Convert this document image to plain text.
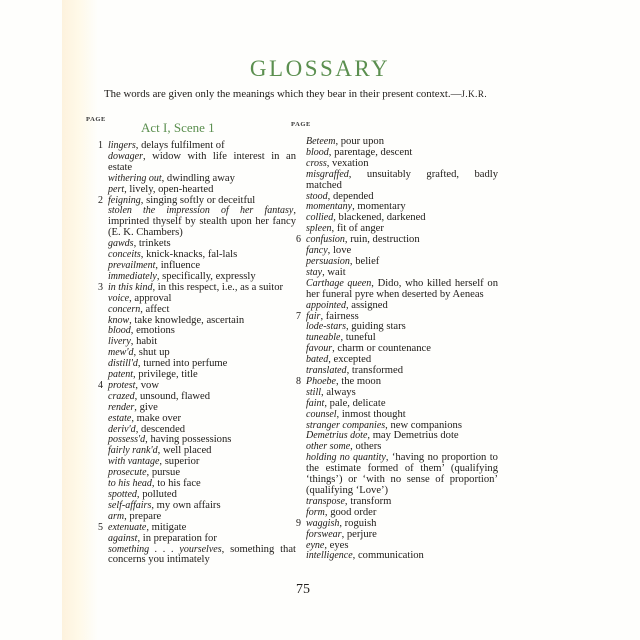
GLOSSARY
The words are given only the meanings which they bear in their present context.—J.K.R.
PAGE
PAGE
Act I, Scene 1
1 lingers, delays fulfilment of
dowager, widow with life interest in an estate
withering out, dwindling away
pert, lively, open-hearted
2 feigning, singing softly or deceitful
stolen the impression of her fantasy, imprinted thyself by stealth upon her fancy (E. K. Chambers)
gawds, trinkets
conceits, knick-knacks, fal-lals
prevailment, influence
immediately, specifically, expressly
3 in this kind, in this respect, i.e., as a suitor
voice, approval
concern, affect
know, take knowledge, ascertain
blood, emotions
livery, habit
mew'd, shut up
distill'd, turned into perfume
patent, privilege, title
4 protest, vow
crazed, unsound, flawed
render, give
estate, make over
deriv'd, descended
possess'd, having possessions
fairly rank'd, well placed
with vantage, superior
prosecute, pursue
to his head, to his face
spotted, polluted
self-affairs, my own affairs
arm, prepare
5 extenuate, mitigate
against, in preparation for
something . . . yourselves, something that concerns you intimately
Beteem, pour upon
blood, parentage, descent
cross, vexation
misgraffed, unsuitably grafted, badly matched
stood, depended
momentany, momentary
collied, blackened, darkened
spleen, fit of anger
6 confusion, ruin, destruction
fancy, love
persuasion, belief
stay, wait
Carthage queen, Dido, who killed herself on her funeral pyre when deserted by Aeneas
appointed, assigned
7 fair, fairness
lode-stars, guiding stars
tuneable, tuneful
favour, charm or countenance
bated, excepted
translated, transformed
8 Phoebe, the moon
still, always
faint, pale, delicate
counsel, inmost thought
stranger companies, new companions
Demetrius dote, may Demetrius dote
other some, others
holding no quantity, ‘having no proportion to the estimate formed of them’ (qualifying ‘things’) or ‘with no sense of proportion’ (qualifying ‘Love’)
transpose, transform
form, good order
9 waggish, roguish
forswear, perjure
eyne, eyes
intelligence, communication
75
